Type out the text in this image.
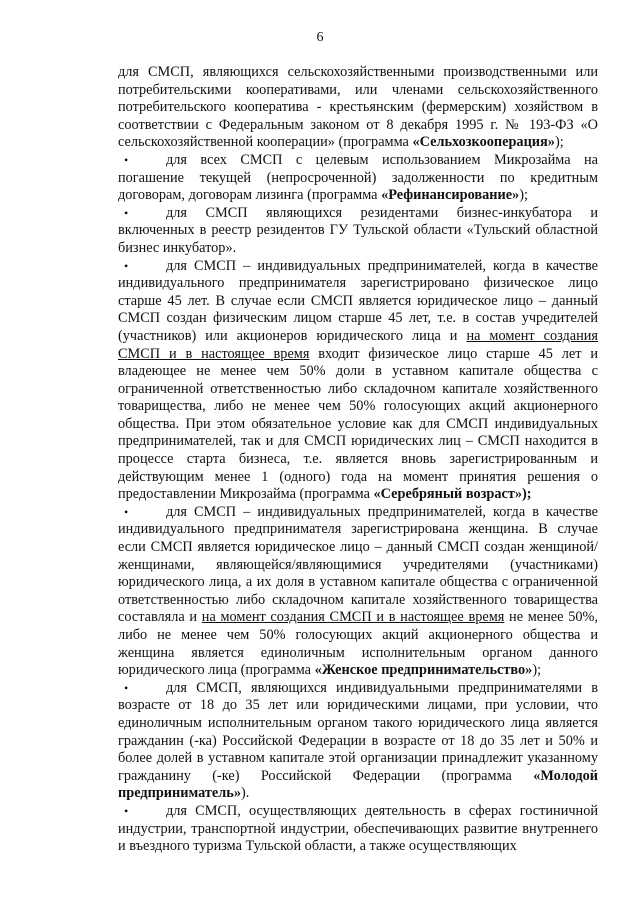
6

для СМСП, являющихся сельскохозяйственными производственными или потребительскими кооперативами, или членами сельскохозяйственного потребительского кооператива - крестьянским (фермерским) хозяйством в соответствии с Федеральным законом от 8 декабря 1995 г. № 193-ФЗ «О сельскохозяйственной кооперации» (программа «Сельхозкооперация»);

•	для всех СМСП с целевым использованием Микрозайма на погашение текущей (непросроченной) задолженности по кредитным договорам, договорам лизинга (программа «Рефинансирование»);

•	для СМСП являющихся резидентами бизнес-инкубатора и включенных в реестр резидентов ГУ Тульской области «Тульский областной бизнес инкубатор».

•	для СМСП – индивидуальных предпринимателей, когда в качестве индивидуального предпринимателя зарегистрировано физическое лицо старше 45 лет. В случае если СМСП является юридическое лицо – данный СМСП создан физическим лицом старше 45 лет, т.е. в состав учредителей (участников) или акционеров юридического лица и на момент создания СМСП и в настоящее время входит физическое лицо старше 45 лет и владеющее не менее чем 50% доли в уставном капитале общества с ограниченной ответственностью либо складочном капитале хозяйственного товарищества, либо не менее чем 50% голосующих акций акционерного общества. При этом обязательное условие как для СМСП индивидуальных предпринимателей, так и для СМСП юридических лиц – СМСП находится в процессе старта бизнеса, т.е. является вновь зарегистрированным и действующим менее 1 (одного) года на момент принятия решения о предоставлении Микрозайма (программа «Серебряный возраст»);

•	для СМСП – индивидуальных предпринимателей, когда в качестве индивидуального предпринимателя зарегистрирована женщина. В случае если СМСП является юридическое лицо – данный СМСП создан женщиной/женщинами, являющейся/являющимися учредителями (участниками) юридического лица, а их доля в уставном капитале общества с ограниченной ответственностью либо складочном капитале хозяйственного товарищества составляла и на момент создания СМСП и в настоящее время не менее 50%, либо не менее чем 50% голосующих акций акционерного общества и женщина является единоличным исполнительным органом данного юридического лица (программа «Женское предпринимательство»);

•	для СМСП, являющихся индивидуальными предпринимателями в возрасте от 18 до 35 лет или юридическими лицами, при условии, что единоличным исполнительным органом такого юридического лица является гражданин (-ка) Российской Федерации в возрасте от 18 до 35 лет и 50% и более долей в уставном капитале этой организации принадлежит указанному гражданину (-ке) Российской Федерации (программа «Молодой предприниматель»).

•	для СМСП, осуществляющих деятельность в сферах гостиничной индустрии, транспортной индустрии, обеспечивающих развитие внутреннего и въездного туризма Тульской области, а также осуществляющих
